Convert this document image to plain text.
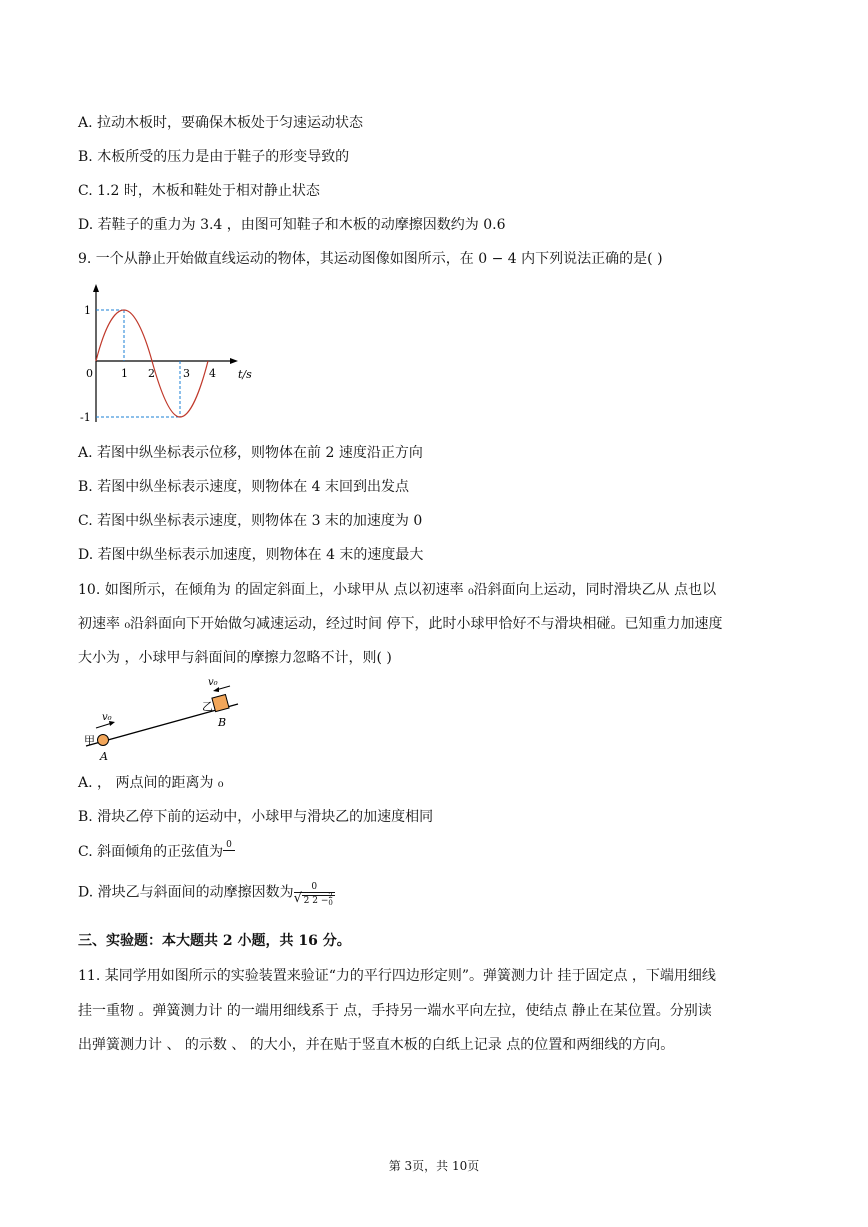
A. 拉动木板时，要确保木板处于匀速运动状态
B. 木板所受的压力是由于鞋子的形变导致的
C. 1.2 时，木板和鞋处于相对静止状态
D. 若鞋子的重力为 3.4 ，由图可知鞋子和木板的动摩擦因数约为 0.6
9. 一个从静止开始做直线运动的物体，其运动图像如图所示，在 0 − 4 内下列说法正确的是( )
1
-1
0	1 2	3 4 t/s
A. 若图中纵坐标表示位移，则物体在前 2 速度沿正方向
B. 若图中纵坐标表示速度，则物体在 4 末回到出发点
C. 若图中纵坐标表示速度，则物体在 3 末的加速度为 0
D. 若图中纵坐标表示加速度，则物体在 4 末的速度最大
10. 如图所示，在倾角为 的固定斜面上，小球甲从 点以初速率 ₀沿斜面向上运动，同时滑块乙从 点也以
初速率 ₀沿斜面向下开始做匀减速运动，经过时间 停下，此时小球甲恰好不与滑块相碰。已知重力加速度
大小为 ，小球甲与斜面间的摩擦力忽略不计，则( )
v₀
v₀
乙
B
甲
A
A. ， 两点间的距离为 ₀
B. 滑块乙停下前的运动中，小球甲与滑块乙的加速度相同
C. 斜面倾角的正弦值为 0
D. 滑块乙与斜面间的动摩擦因数为 0
√ 2 2 − 2
0
三、实验题：本大题共 2 小题，共 16 分。
11. 某同学用如图所示的实验装置来验证“力的平行四边形定则”。弹簧测力计 挂于固定点 ，下端用细线
挂一重物 。弹簧测力计 的一端用细线系于 点，手持另一端水平向左拉，使结点 静止在某位置。分别读
出弹簧测力计 、 的示数 、 的大小，并在贴于竖直木板的白纸上记录 点的位置和两细线的方向。
第 3页，共 10页
